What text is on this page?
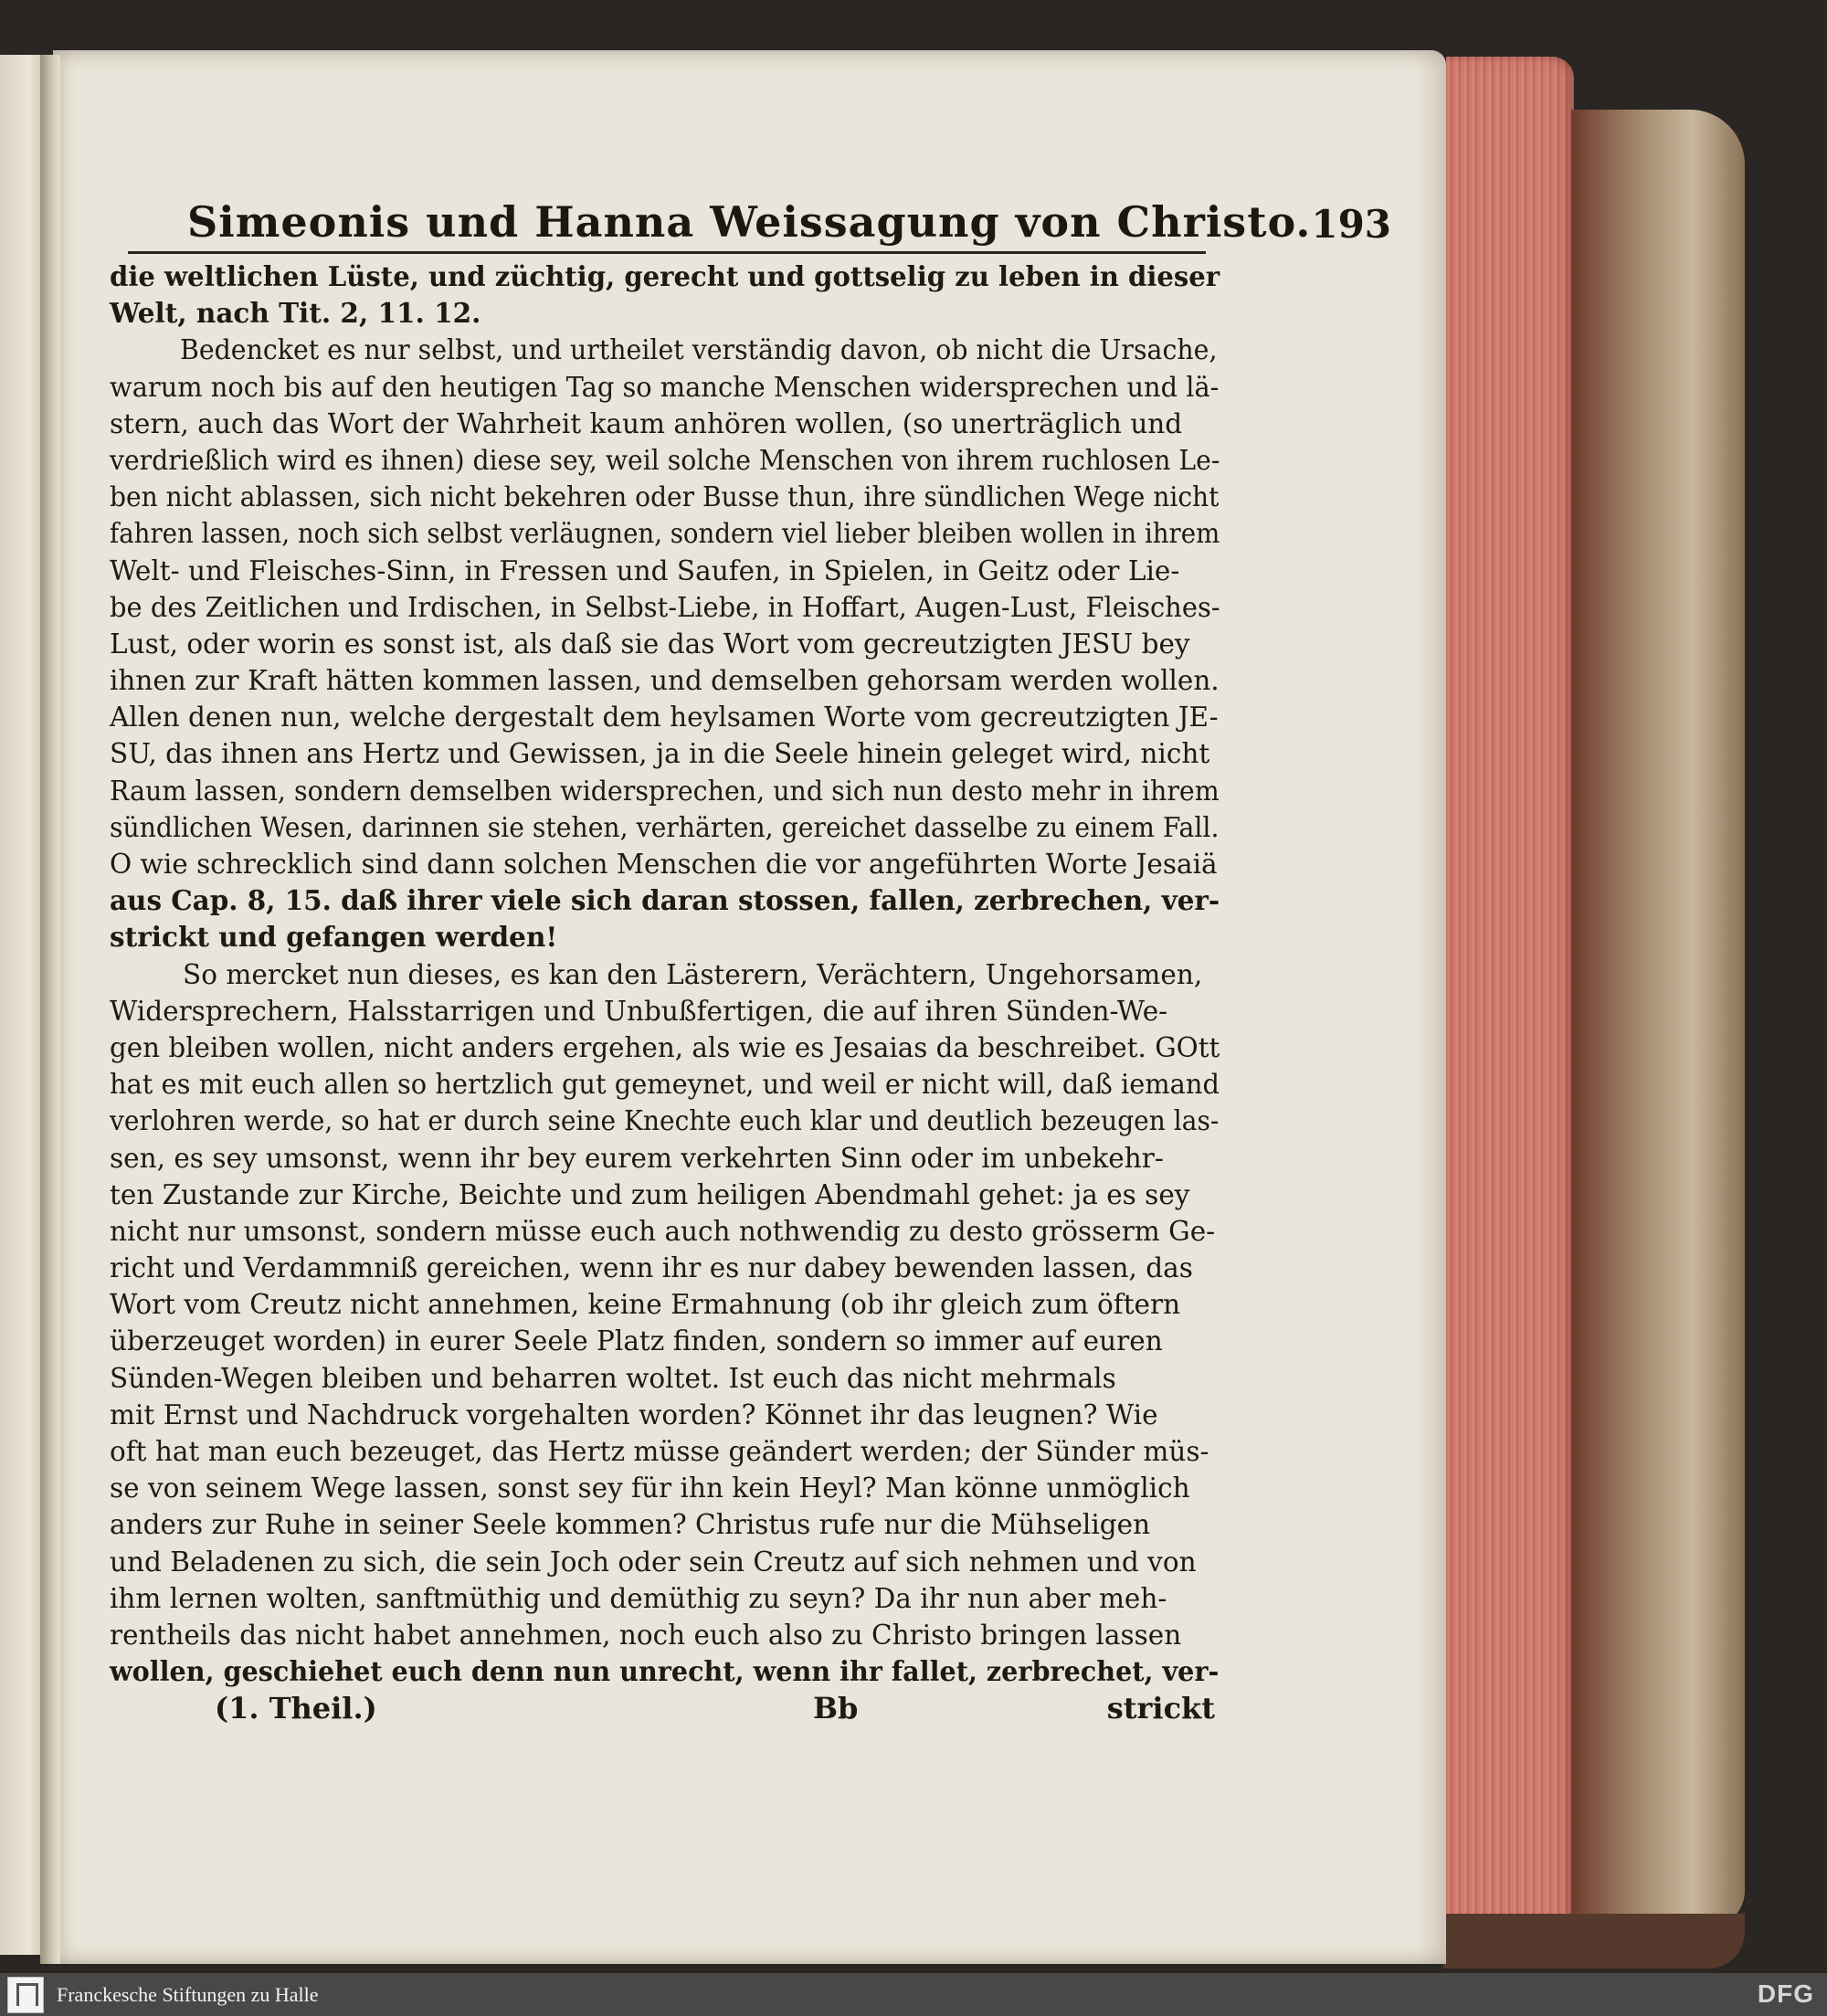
Simeonis und Hanna Weissagung von Christo. 193
die weltlichen Lüste, und züchtig, gerecht und gottselig zu leben in dieser
Welt, nach Tit. 2, 11. 12.
Bedencket es nur selbst, und urtheilet verständig davon, ob nicht die Ursache,
warum noch bis auf den heutigen Tag so manche Menschen widersprechen und lä-
stern, auch das Wort der Wahrheit kaum anhören wollen, (so unerträglich und
verdrießlich wird es ihnen) diese sey, weil solche Menschen von ihrem ruchlosen Le-
ben nicht ablassen, sich nicht bekehren oder Busse thun, ihre sündlichen Wege nicht
fahren lassen, noch sich selbst verläugnen, sondern viel lieber bleiben wollen in ihrem
Welt- und Fleisches-Sinn, in Fressen und Saufen, in Spielen, in Geitz oder Lie-
be des Zeitlichen und Irdischen, in Selbst-Liebe, in Hoffart, Augen-Lust, Fleisches-
Lust, oder worin es sonst ist, als daß sie das Wort vom gecreutzigten JESU bey
ihnen zur Kraft hätten kommen lassen, und demselben gehorsam werden wollen.
Allen denen nun, welche dergestalt dem heylsamen Worte vom gecreutzigten JE-
SU, das ihnen ans Hertz und Gewissen, ja in die Seele hinein geleget wird, nicht
Raum lassen, sondern demselben widersprechen, und sich nun desto mehr in ihrem
sündlichen Wesen, darinnen sie stehen, verhärten, gereichet dasselbe zu einem Fall.
O wie schrecklich sind dann solchen Menschen die vor angeführten Worte Jesaiä
aus Cap. 8, 15. daß ihrer viele sich daran stossen, fallen, zerbrechen, ver-
strickt und gefangen werden!
So mercket nun dieses, es kan den Lästerern, Verächtern, Ungehorsamen,
Widersprechern, Halsstarrigen und Unbußfertigen, die auf ihren Sünden-We-
gen bleiben wollen, nicht anders ergehen, als wie es Jesaias da beschreibet. GOtt
hat es mit euch allen so hertzlich gut gemeynet, und weil er nicht will, daß iemand
verlohren werde, so hat er durch seine Knechte euch klar und deutlich bezeugen las-
sen, es sey umsonst, wenn ihr bey eurem verkehrten Sinn oder im unbekehr-
ten Zustande zur Kirche, Beichte und zum heiligen Abendmahl gehet: ja es sey
nicht nur umsonst, sondern müsse euch auch nothwendig zu desto grösserm Ge-
richt und Verdammniß gereichen, wenn ihr es nur dabey bewenden lassen, das
Wort vom Creutz nicht annehmen, keine Ermahnung (ob ihr gleich zum öftern
überzeuget worden) in eurer Seele Platz finden, sondern so immer auf euren
Sünden-Wegen bleiben und beharren woltet. Ist euch das nicht mehrmals
mit Ernst und Nachdruck vorgehalten worden? Könnet ihr das leugnen? Wie
oft hat man euch bezeuget, das Hertz müsse geändert werden; der Sünder müs-
se von seinem Wege lassen, sonst sey für ihn kein Heyl? Man könne unmöglich
anders zur Ruhe in seiner Seele kommen? Christus rufe nur die Mühseligen
und Beladenen zu sich, die sein Joch oder sein Creutz auf sich nehmen und von
ihm lernen wolten, sanftmüthig und demüthig zu seyn? Da ihr nun aber meh-
rentheils das nicht habet annehmen, noch euch also zu Christo bringen lassen
wollen, geschiehet euch denn nun unrecht, wenn ihr fallet, zerbrechet, ver-
(1. Theil.)	Bb	strickt
Franckesche Stiftungen zu Halle	DFG
